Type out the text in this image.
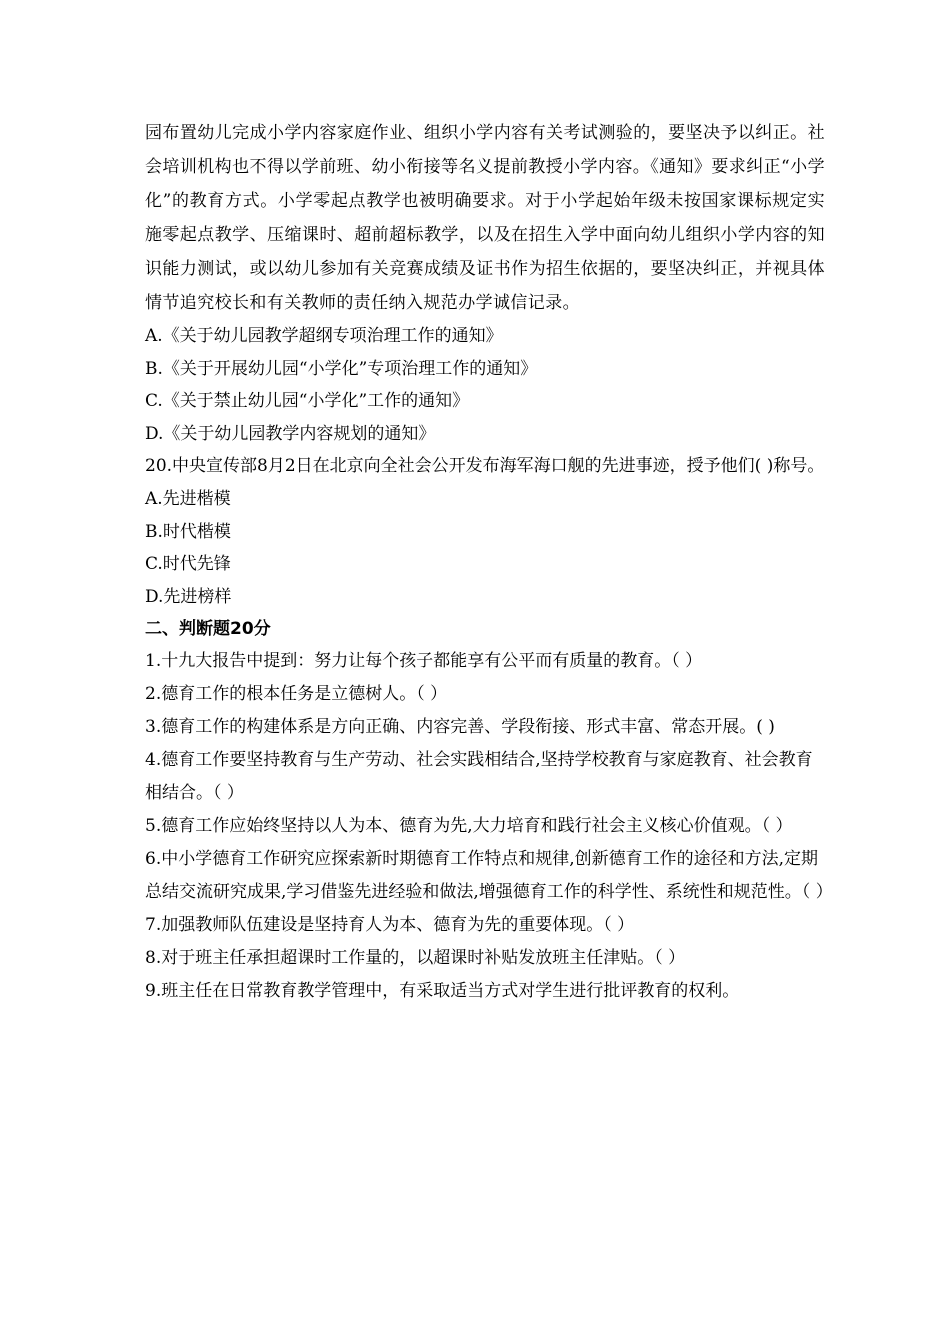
园布置幼儿完成小学内容家庭作业、组织小学内容有关考试测验的，要坚决予以纠正。社会培训机构也不得以学前班、幼小衔接等名义提前教授小学内容。《通知》要求纠正“小学化”的教育方式。小学零起点教学也被明确要求。对于小学起始年级未按国家课标规定实施零起点教学、压缩课时、超前超标教学，以及在招生入学中面向幼儿组织小学内容的知识能力测试，或以幼儿参加有关竞赛成绩及证书作为招生依据的，要坚决纠正，并视具体情节追究校长和有关教师的责任纳入规范办学诚信记录。

A.《关于幼儿园教学超纲专项治理工作的通知》

B.《关于开展幼儿园“小学化”专项治理工作的通知》

C.《关于禁止幼儿园“小学化”工作的通知》

D.《关于幼儿园教学内容规划的通知》

20.中央宣传部8月2日在北京向全社会公开发布海军海口舰的先进事迹，授予他们( )称号。

A.先进楷模

B.时代楷模

C.时代先锋

D.先进榜样

二、判断题20分

1.十九大报告中提到：努力让每个孩子都能享有公平而有质量的教育。（ ）

2.德育工作的根本任务是立德树人。（ ）

3.德育工作的构建体系是方向正确、内容完善、学段衔接、形式丰富、常态开展。( )

4.德育工作要坚持教育与生产劳动、社会实践相结合,坚持学校教育与家庭教育、社会教育相结合。（ ）

5.德育工作应始终坚持以人为本、德育为先,大力培育和践行社会主义核心价值观。（ ）

6.中小学德育工作研究应探索新时期德育工作特点和规律,创新德育工作的途径和方法,定期总结交流研究成果,学习借鉴先进经验和做法,增强德育工作的科学性、系统性和规范性。（ ）

7.加强教师队伍建设是坚持育人为本、德育为先的重要体现。（ ）

8.对于班主任承担超课时工作量的，以超课时补贴发放班主任津贴。（ ）

9.班主任在日常教育教学管理中，有采取适当方式对学生进行批评教育的权利。
